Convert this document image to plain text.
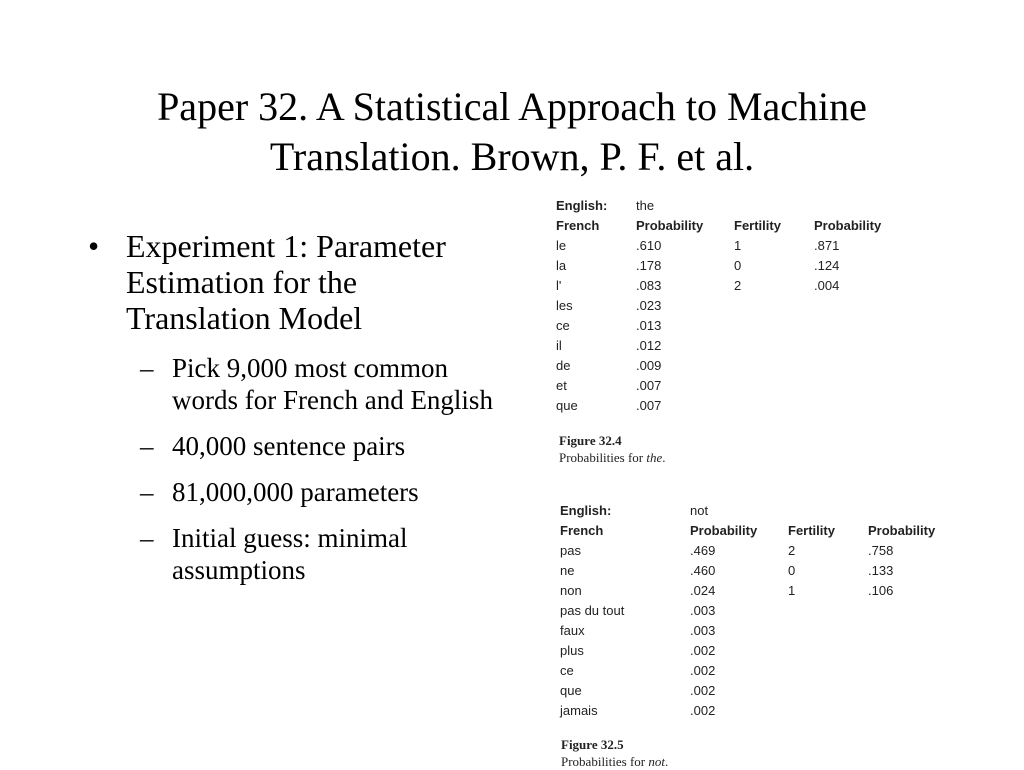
Paper 32. A Statistical Approach to Machine
Translation. Brown, P. F. et al.
• Experiment 1: Parameter Estimation for the Translation Model
– Pick 9,000 most common words for French and English
– 40,000 sentence pairs
– 81,000,000 parameters
– Initial guess: minimal assumptions
English:	the		
French	Probability	Fertility	Probability
le	.610	1	.871
la	.178	0	.124
l'	.083	2	.004
les	.023		
ce	.013		
il	.012		
de	.009		
et	.007		
que	.007		
Figure 32.4
Probabilities for the.
English:	not		
French	Probability	Fertility	Probability
pas	.469	2	.758
ne	.460	0	.133
non	.024	1	.106
pas du tout	.003		
faux	.003		
plus	.002		
ce	.002		
que	.002		
jamais	.002		
Figure 32.5
Probabilities for not.
